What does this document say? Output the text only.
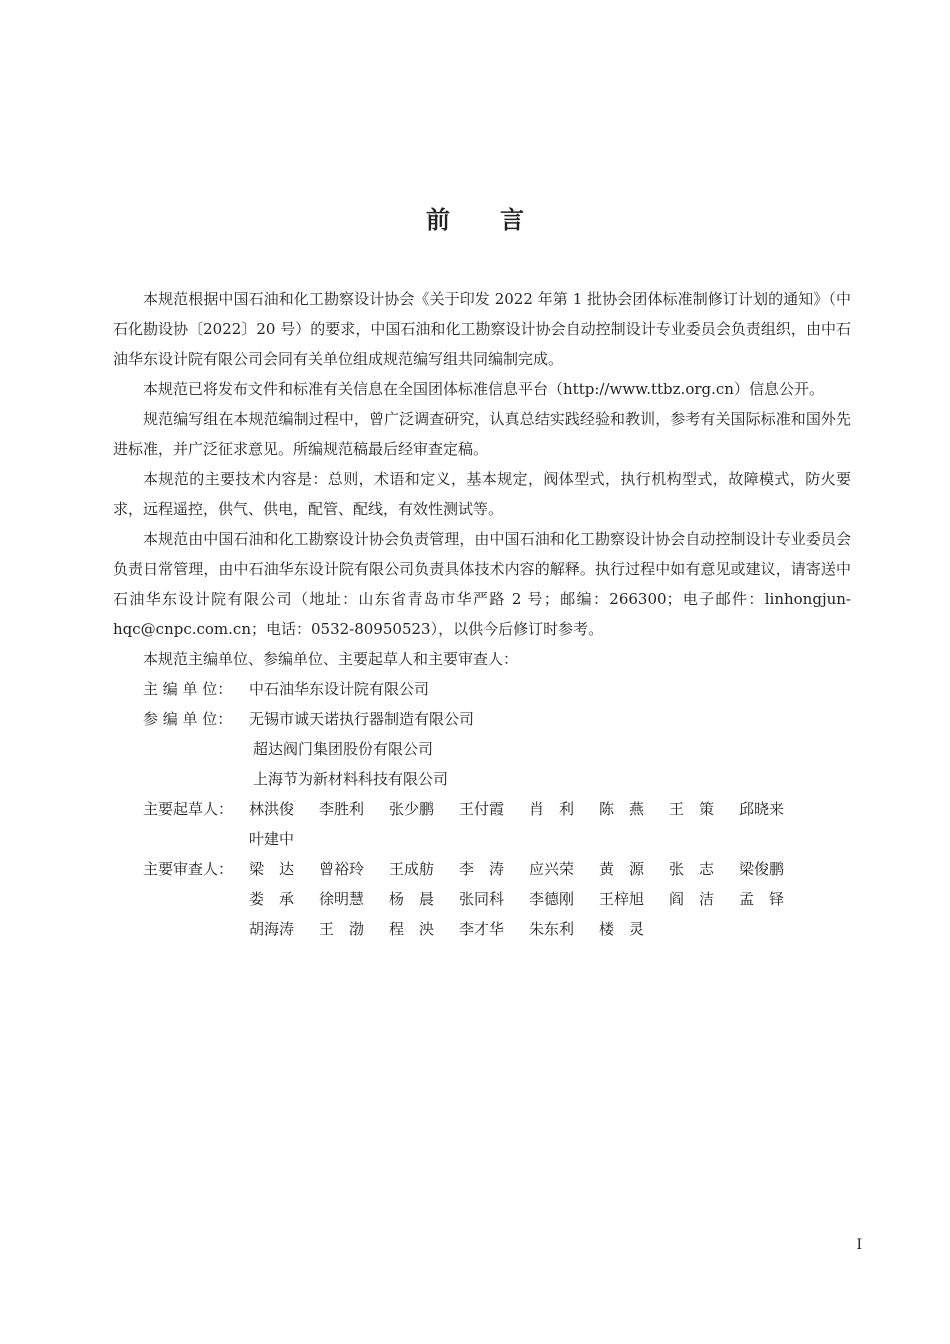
前 言

本规范根据中国石油和化工勘察设计协会《关于印发 2022 年第 1 批协会团体标准制修订计划的通知》（中石化勘设协〔2022〕20 号）的要求，中国石油和化工勘察设计协会自动控制设计专业委员会负责组织，由中石油华东设计院有限公司会同有关单位组成规范编写组共同编制完成。

本规范已将发布文件和标准有关信息在全国团体标准信息平台（http://www.ttbz.org.cn）信息公开。

规范编写组在本规范编制过程中，曾广泛调查研究，认真总结实践经验和教训，参考有关国际标准和国外先进标准，并广泛征求意见。所编规范稿最后经审查定稿。

本规范的主要技术内容是：总则，术语和定义，基本规定，阀体型式，执行机构型式，故障模式，防火要求，远程遥控，供气、供电，配管、配线，有效性测试等。

本规范由中国石油和化工勘察设计协会负责管理，由中国石油和化工勘察设计协会自动控制设计专业委员会负责日常管理，由中石油华东设计院有限公司负责具体技术内容的解释。执行过程中如有意见或建议，请寄送中石油华东设计院有限公司（地址：山东省青岛市华严路 2 号；邮编：266300；电子邮件：linhongjun-hqc@cnpc.com.cn；电话：0532-80950523），以供今后修订时参考。

本规范主编单位、参编单位、主要起草人和主要审查人：

主 编 单 位： 中石油华东设计院有限公司

参 编 单 位： 无锡市诚天诺执行器制造有限公司

超达阀门集团股份有限公司

上海节为新材料科技有限公司

主要起草人： 林洪俊 李胜利 张少鹏 王付霞 肖　利 陈　燕 王　策 邱晓来
叶建中
主要审查人： 梁　达 曾裕玲 王成舫 李　涛 应兴荣 黄　源 张　志 梁俊鹏
娄　承 徐明慧 杨　晨 张同科 李德刚 王梓旭 阎　洁 孟　铎
胡海涛 王　渤 程　泱 李才华 朱东利 楼　灵
I
